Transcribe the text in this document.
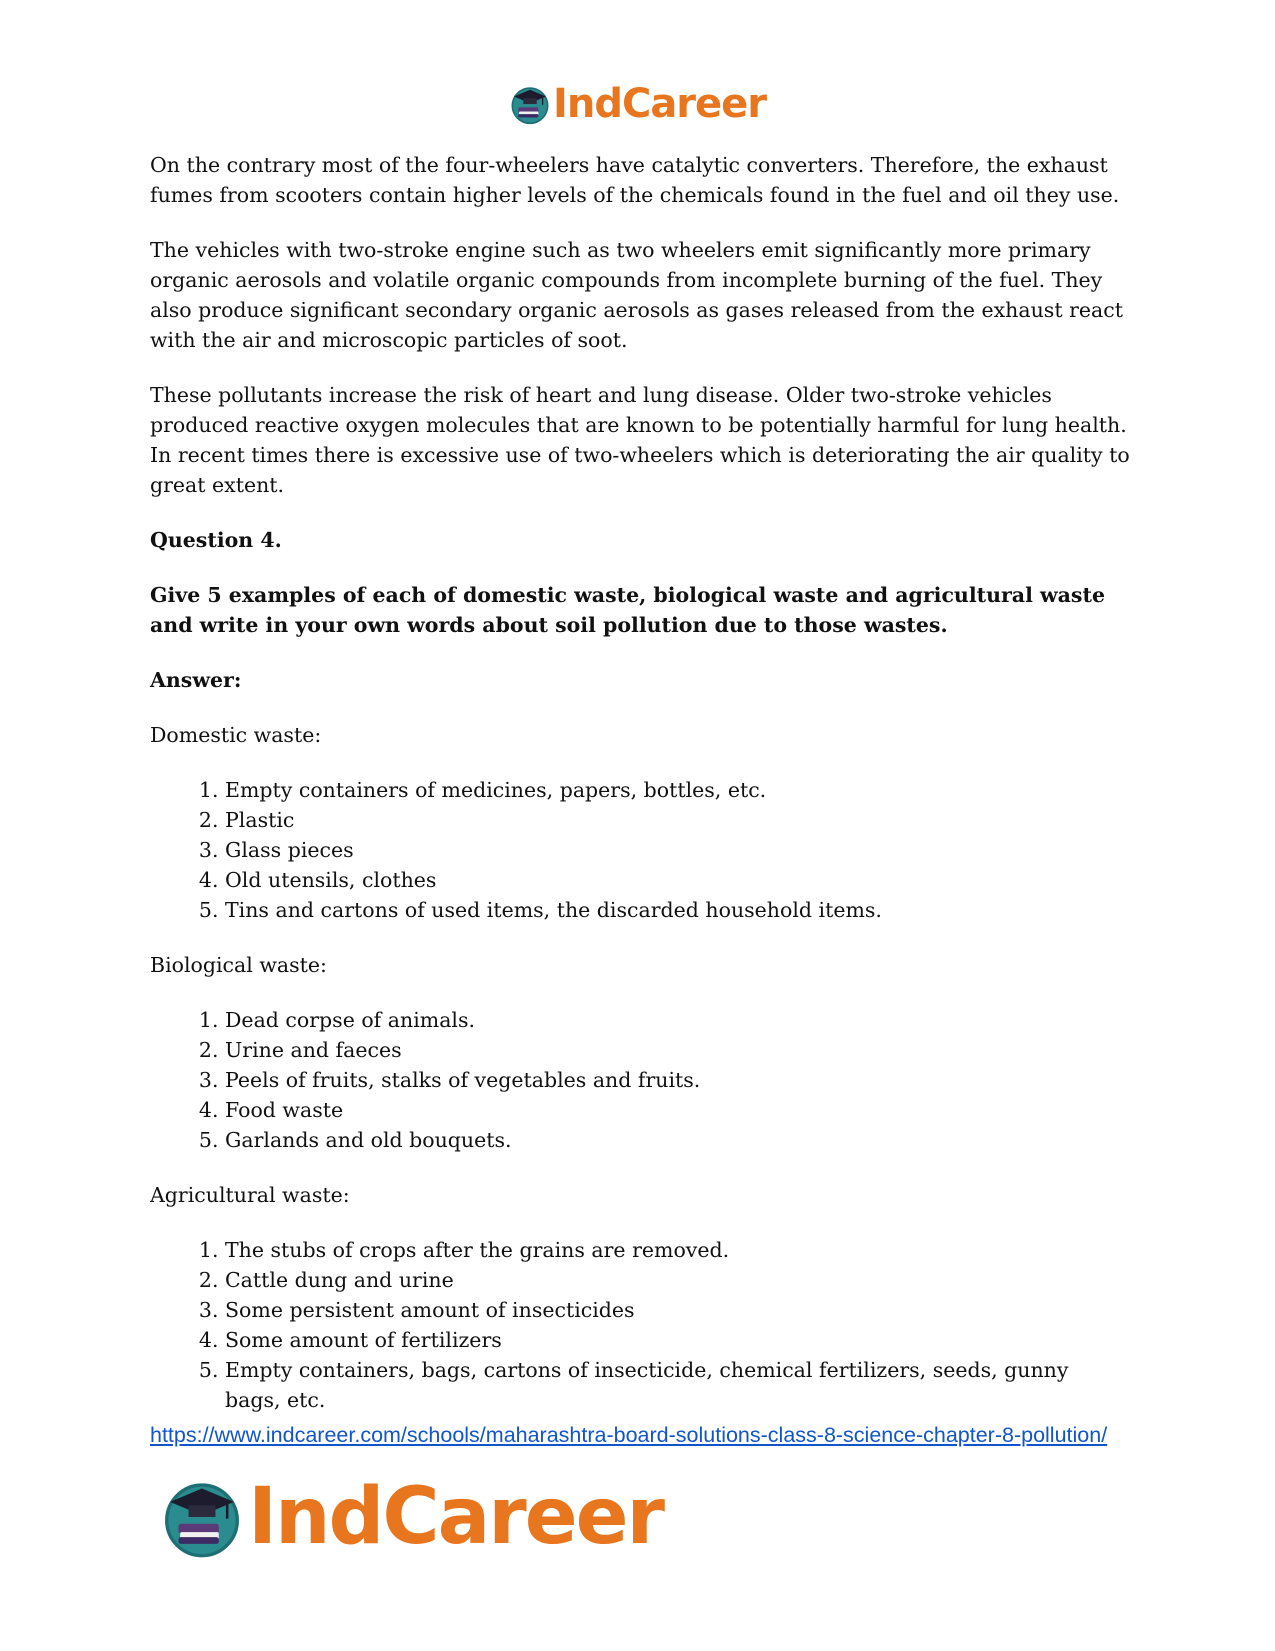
IndCareer

On the contrary most of the four-wheelers have catalytic converters. Therefore, the exhaust fumes from scooters contain higher levels of the chemicals found in the fuel and oil they use.

The vehicles with two-stroke engine such as two wheelers emit significantly more primary organic aerosols and volatile organic compounds from incomplete burning of the fuel. They also produce significant secondary organic aerosols as gases released from the exhaust react with the air and microscopic particles of soot.

These pollutants increase the risk of heart and lung disease. Older two-stroke vehicles produced reactive oxygen molecules that are known to be potentially harmful for lung health. In recent times there is excessive use of two-wheelers which is deteriorating the air quality to great extent.

Question 4.

Give 5 examples of each of domestic waste, biological waste and agricultural waste and write in your own words about soil pollution due to those wastes.

Answer:

Domestic waste:

1. Empty containers of medicines, papers, bottles, etc.
2. Plastic
3. Glass pieces
4. Old utensils, clothes
5. Tins and cartons of used items, the discarded household items.

Biological waste:

1. Dead corpse of animals.
2. Urine and faeces
3. Peels of fruits, stalks of vegetables and fruits.
4. Food waste
5. Garlands and old bouquets.

Agricultural waste:

1. The stubs of crops after the grains are removed.
2. Cattle dung and urine
3. Some persistent amount of insecticides
4. Some amount of fertilizers
5. Empty containers, bags, cartons of insecticide, chemical fertilizers, seeds, gunny bags, etc.
https://www.indcareer.com/schools/maharashtra-board-solutions-class-8-science-chapter-8-pollution/
IndCareer
